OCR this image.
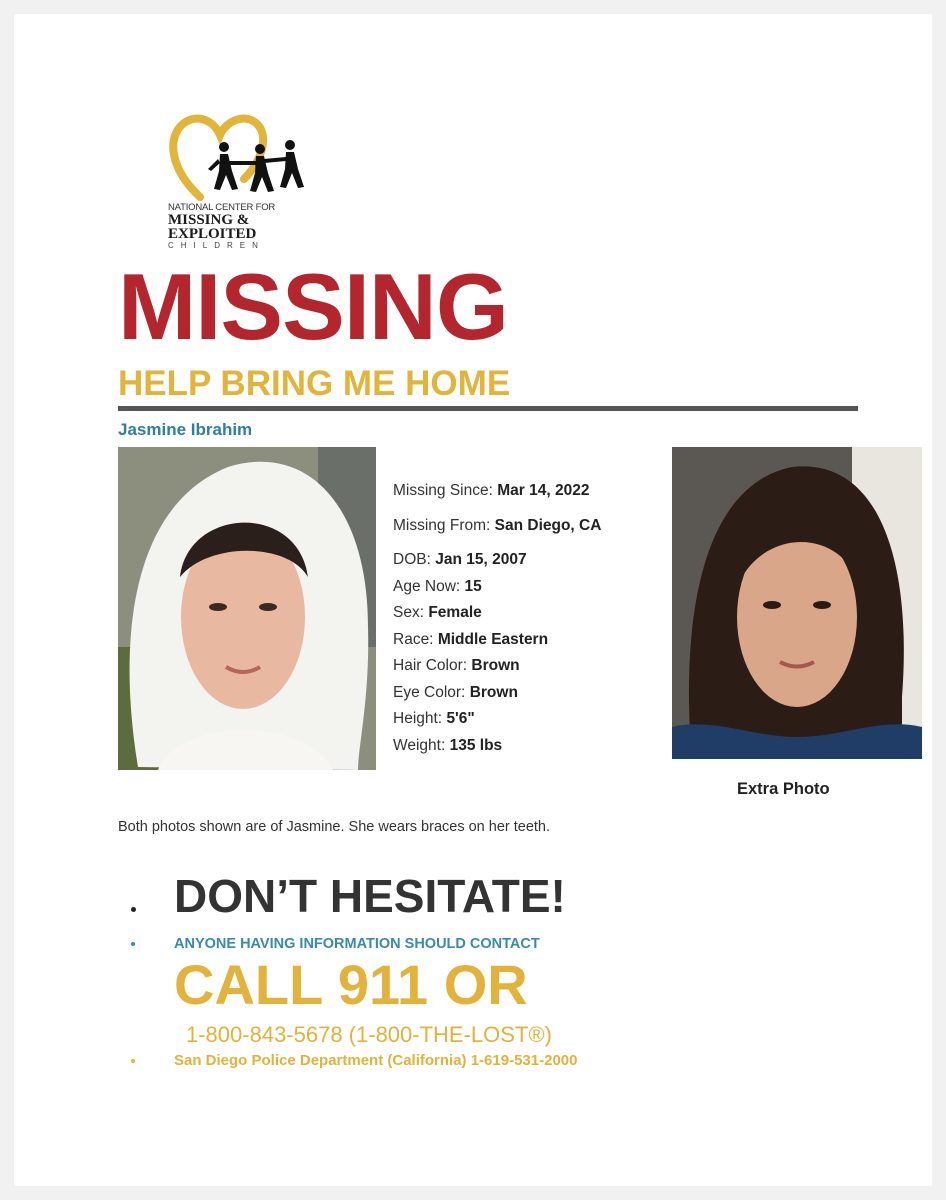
NATIONAL CENTER FOR
MISSING &
EXPLOITED
CHILDREN
MISSING
HELP BRING ME HOME
Jasmine Ibrahim
Missing Since: Mar 14, 2022
Missing From: San Diego, CA
DOB: Jan 15, 2007
Age Now: 15
Sex: Female
Race: Middle Eastern
Hair Color: Brown
Eye Color: Brown
Height: 5'6"
Weight: 135 lbs
Extra Photo
Both photos shown are of Jasmine. She wears braces on her teeth.
DON’T HESITATE!
ANYONE HAVING INFORMATION SHOULD CONTACT
CALL 911 OR
1-800-843-5678 (1-800-THE-LOST®)
San Diego Police Department (California) 1-619-531-2000
